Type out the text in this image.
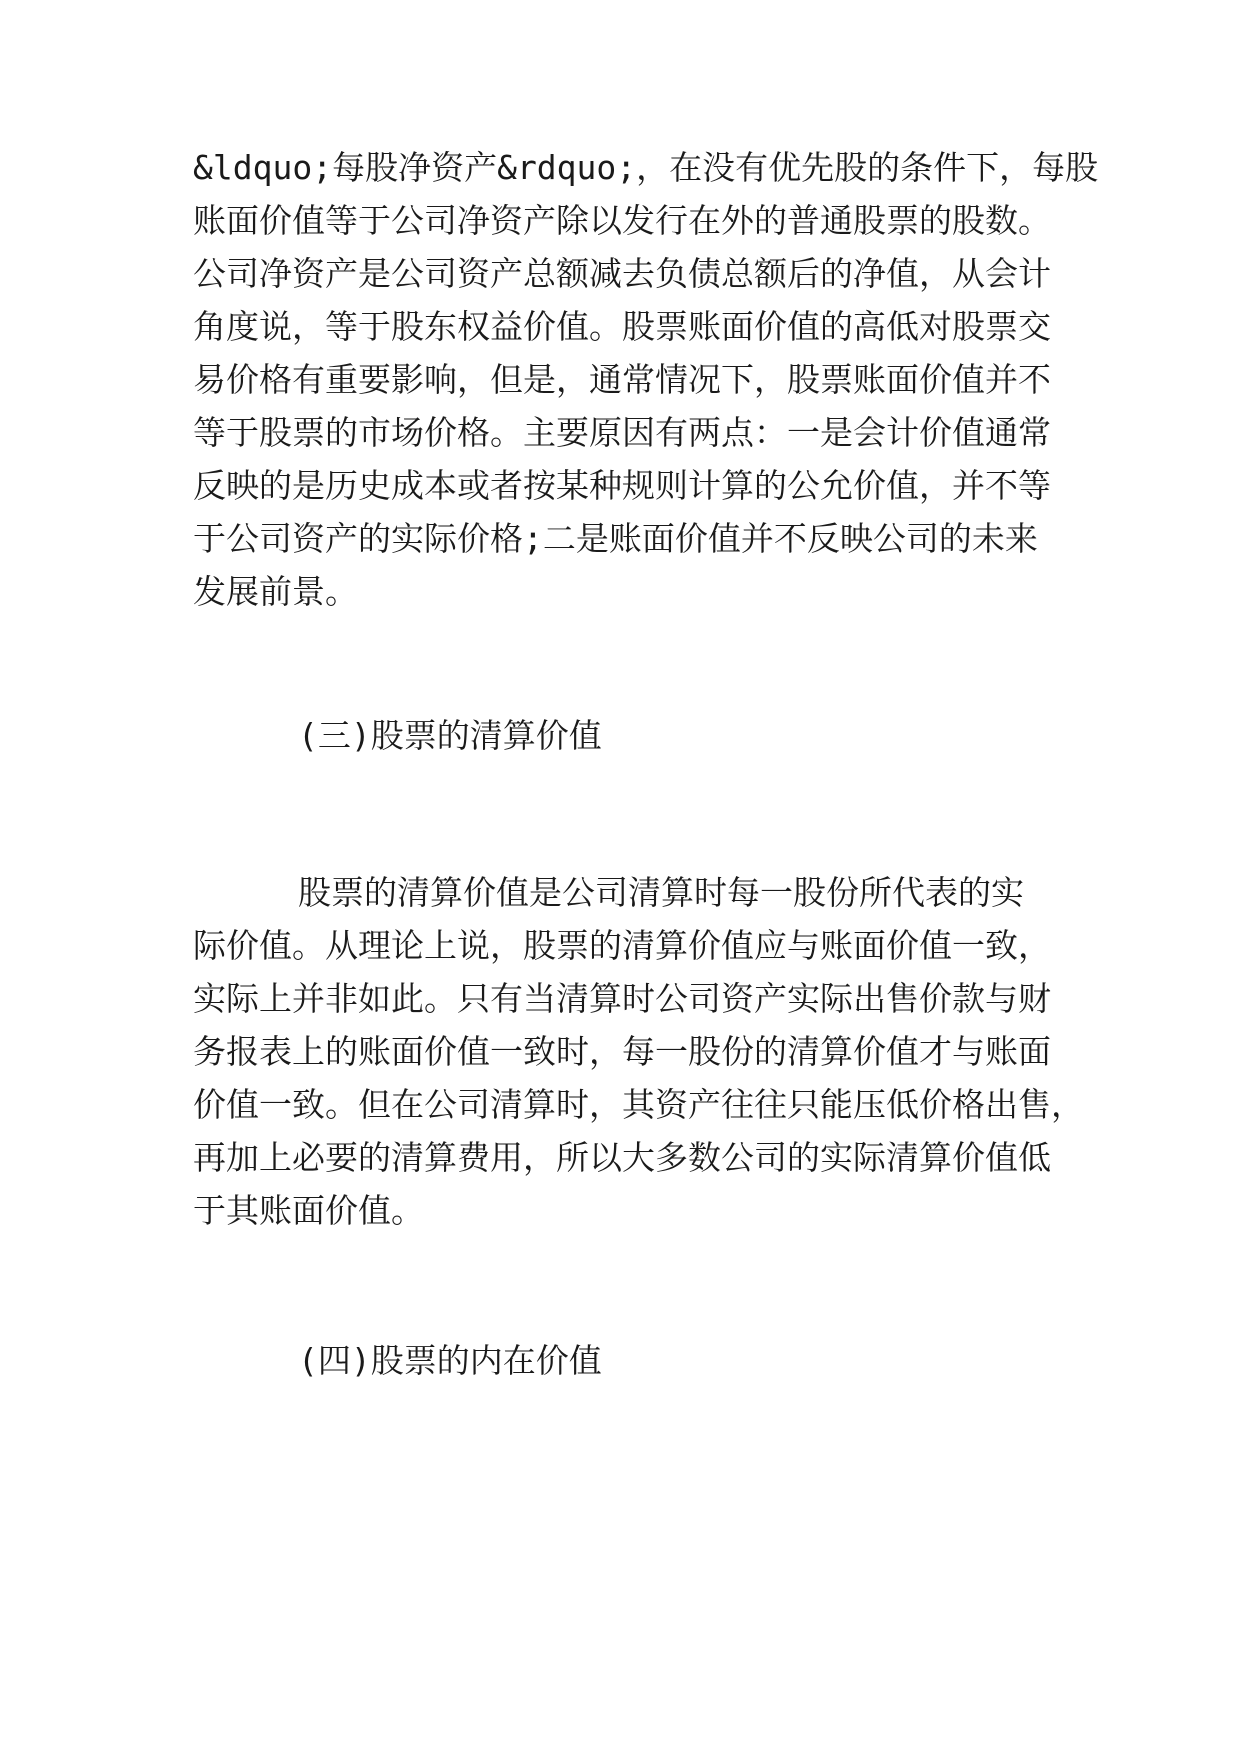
&ldquo;每股净资产&rdquo;，在没有优先股的条件下，每股
账面价值等于公司净资产除以发行在外的普通股票的股数。
公司净资产是公司资产总额减去负债总额后的净值，从会计
角度说，等于股东权益价值。股票账面价值的高低对股票交
易价格有重要影响，但是，通常情况下，股票账面价值并不
等于股票的市场价格。主要原因有两点：一是会计价值通常
反映的是历史成本或者按某种规则计算的公允价值，并不等
于公司资产的实际价格;二是账面价值并不反映公司的未来
发展前景。
(三)股票的清算价值
股票的清算价值是公司清算时每一股份所代表的实
际价值。从理论上说，股票的清算价值应与账面价值一致，
实际上并非如此。只有当清算时公司资产实际出售价款与财
务报表上的账面价值一致时，每一股份的清算价值才与账面
价值一致。但在公司清算时，其资产往往只能压低价格出售，
再加上必要的清算费用，所以大多数公司的实际清算价值低
于其账面价值。
(四)股票的内在价值
